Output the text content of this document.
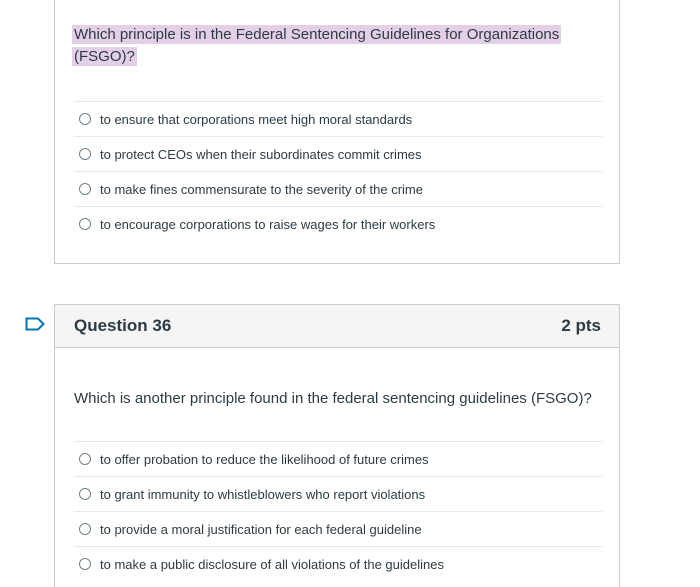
Which principle is in the Federal Sentencing Guidelines for Organizations (FSGO)?
to ensure that corporations meet high moral standards
to protect CEOs when their subordinates commit crimes
to make fines commensurate to the severity of the crime
to encourage corporations to raise wages for their workers
Question 36	2 pts
Which is another principle found in the federal sentencing guidelines (FSGO)?
to offer probation to reduce the likelihood of future crimes
to grant immunity to whistleblowers who report violations
to provide a moral justification for each federal guideline
to make a public disclosure of all violations of the guidelines
